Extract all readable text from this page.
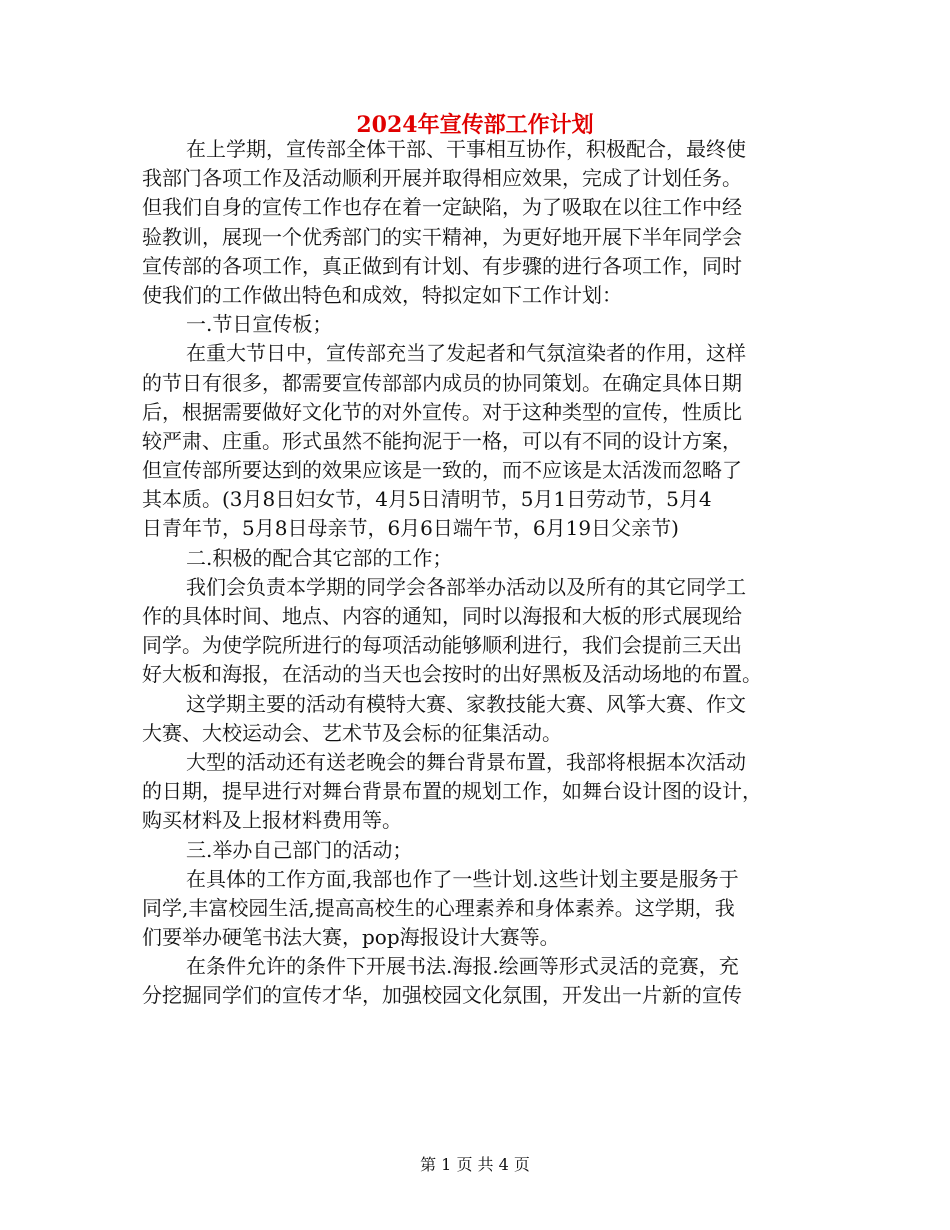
2024年宣传部工作计划
在上学期，宣传部全体干部、干事相互协作，积极配合，最终使
我部门各项工作及活动顺利开展并取得相应效果，完成了计划任务。
但我们自身的宣传工作也存在着一定缺陷，为了吸取在以往工作中经
验教训，展现一个优秀部门的实干精神，为更好地开展下半年同学会
宣传部的各项工作，真正做到有计划、有步骤的进行各项工作，同时
使我们的工作做出特色和成效，特拟定如下工作计划：
一.节日宣传板；
在重大节日中，宣传部充当了发起者和气氛渲染者的作用，这样
的节日有很多，都需要宣传部部内成员的协同策划。在确定具体日期
后，根据需要做好文化节的对外宣传。对于这种类型的宣传，性质比
较严肃、庄重。形式虽然不能拘泥于一格，可以有不同的设计方案，
但宣传部所要达到的效果应该是一致的，而不应该是太活泼而忽略了
其本质。(3月8日妇女节，4月5日清明节，5月1日劳动节，5月4
日青年节，5月8日母亲节，6月6日端午节，6月19日父亲节)
二.积极的配合其它部的工作；
我们会负责本学期的同学会各部举办活动以及所有的其它同学工
作的具体时间、地点、内容的通知，同时以海报和大板的形式展现给
同学。为使学院所进行的每项活动能够顺利进行，我们会提前三天出
好大板和海报，在活动的当天也会按时的出好黑板及活动场地的布置。
这学期主要的活动有模特大赛、家教技能大赛、风筝大赛、作文
大赛、大校运动会、艺术节及会标的征集活动。
大型的活动还有送老晚会的舞台背景布置，我部将根据本次活动
的日期，提早进行对舞台背景布置的规划工作，如舞台设计图的设计，
购买材料及上报材料费用等。
三.举办自己部门的活动；
在具体的工作方面,我部也作了一些计划.这些计划主要是服务于
同学,丰富校园生活,提高高校生的心理素养和身体素养。这学期，我
们要举办硬笔书法大赛，pop海报设计大赛等。
在条件允许的条件下开展书法.海报.绘画等形式灵活的竞赛，充
分挖掘同学们的宣传才华，加强校园文化氛围，开发出一片新的宣传
第 1 页 共 4 页
